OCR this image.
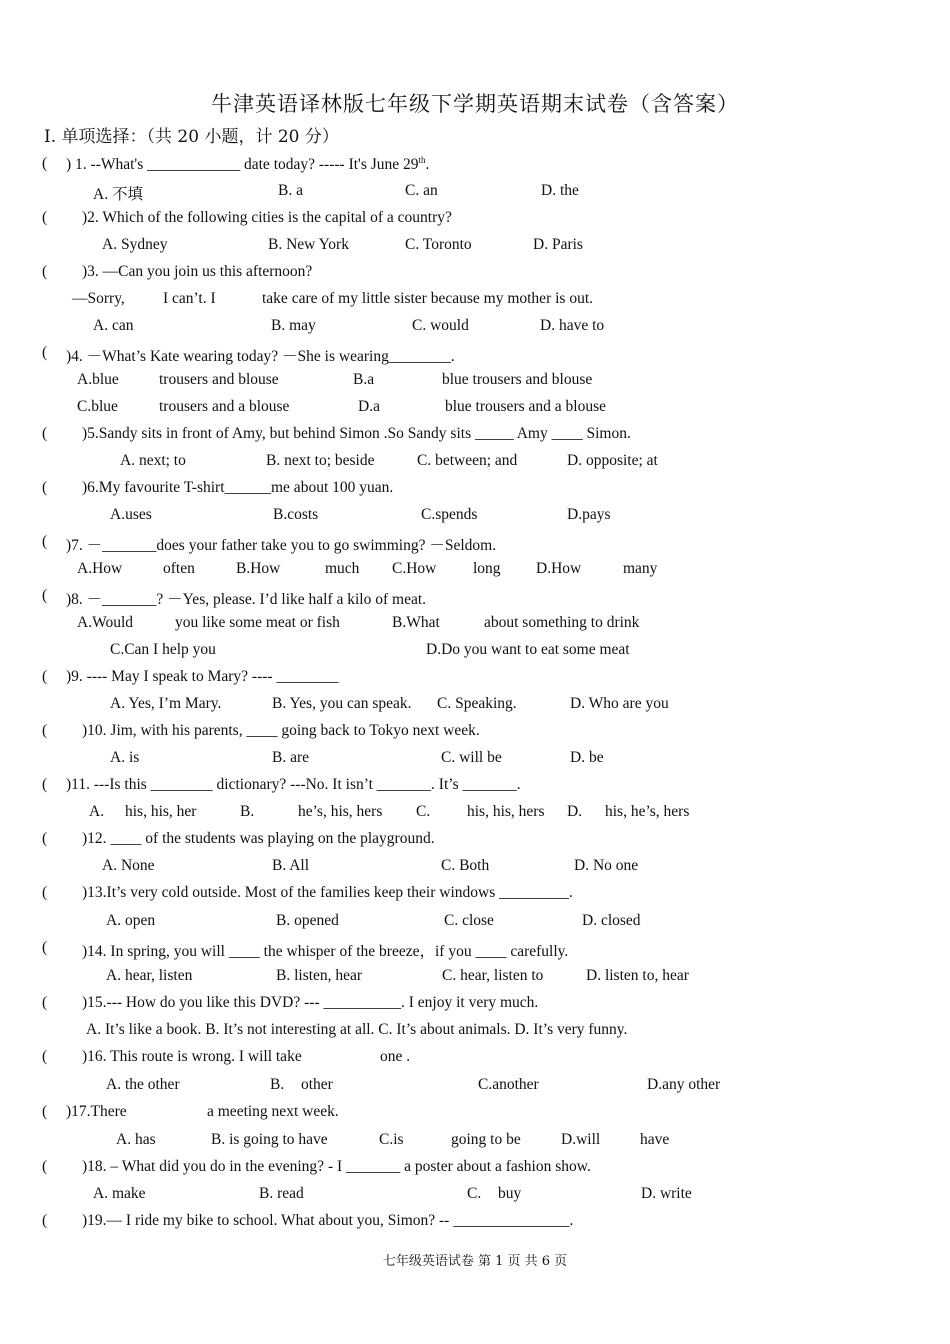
牛津英语译林版七年级下学期英语期末试卷（含答案）
I. 单项选择：（共 20 小题，计 20 分）
( ) 1. --What's ____________ date today? ----- It's June 29th.
A. 不填	B. a	C. an	D. the
( )2. Which of the following cities is the capital of a country?
A. Sydney	B. New York	C. Toronto	D. Paris
( )3. —Can you join us this afternoon?
—Sorry, I can’t. I	take care of my little sister because my mother is out.
A. can	B. may	C. would	D. have to
( )4. －What’s Kate wearing today? －She is wearing________.
A.blue	trousers and blouse	B.a	blue trousers and blouse
C.blue	trousers and a blouse	D.a	blue trousers and a blouse
( )5.Sandy sits in front of Amy, but behind Simon .So Sandy sits _____ Amy ____ Simon.
A. next; to	B. next to; beside	C. between; and	D. opposite; at
( )6.My favourite T-shirt______me about 100 yuan.
A.uses	B.costs	C.spends	D.pays
( )7. －_______does your father take you to go swimming? －Seldom.
A.How	often	B.How	much C.How long D.How	many
( )8. －_______? －Yes, please. I’d like half a kilo of meat.
A.Would	you like some meat or fish	B.What	about something to drink
C.Can I help you	D.Do you want to eat some meat
( )9. ---- May I speak to Mary? ---- ________
A. Yes, I’m Mary.	B. Yes, you can speak. C. Speaking.	D. Who are you
( )10. Jim, with his parents, ____ going back to Tokyo next week.
A. is	B. are	C. will be	D. be
( )11. ---Is this ________ dictionary? ---No. It isn’t _______. It’s _______.
A. his, his, her	B.	he’s, his, hers C. his, his, hers D. his, he’s, hers
( )12. ____ of the students was playing on the playground.
A. None	B. All	C. Both	D. No one
( )13.It’s very cold outside. Most of the families keep their windows _________.
A. open	B. opened	C. close	D. closed
( )14. In spring, you will ____ the whisper of the breeze，if you ____ carefully.
A. hear, listen	B. listen, hear	C. hear, listen to	D. listen to, hear
( )15.--- How do you like this DVD? --- __________. I enjoy it very much.
A. It’s like a book. B. It’s not interesting at all. C. It’s about animals. D. It’s very funny.
( )16. This route is wrong. I will take	one .
A. the other	B. other	C.another	D.any other
( )17.There	a meeting next week.
A. has	B. is going to have	C.is	going to be	D.will	have
( )18. – What did you do in the evening? - I _______ a poster about a fashion show.
A. make	B. read	C. buy	D. write
( )19.— I ride my bike to school. What about you, Simon? -- _______________.
七年级英语试卷 第 1 页 共 6 页
